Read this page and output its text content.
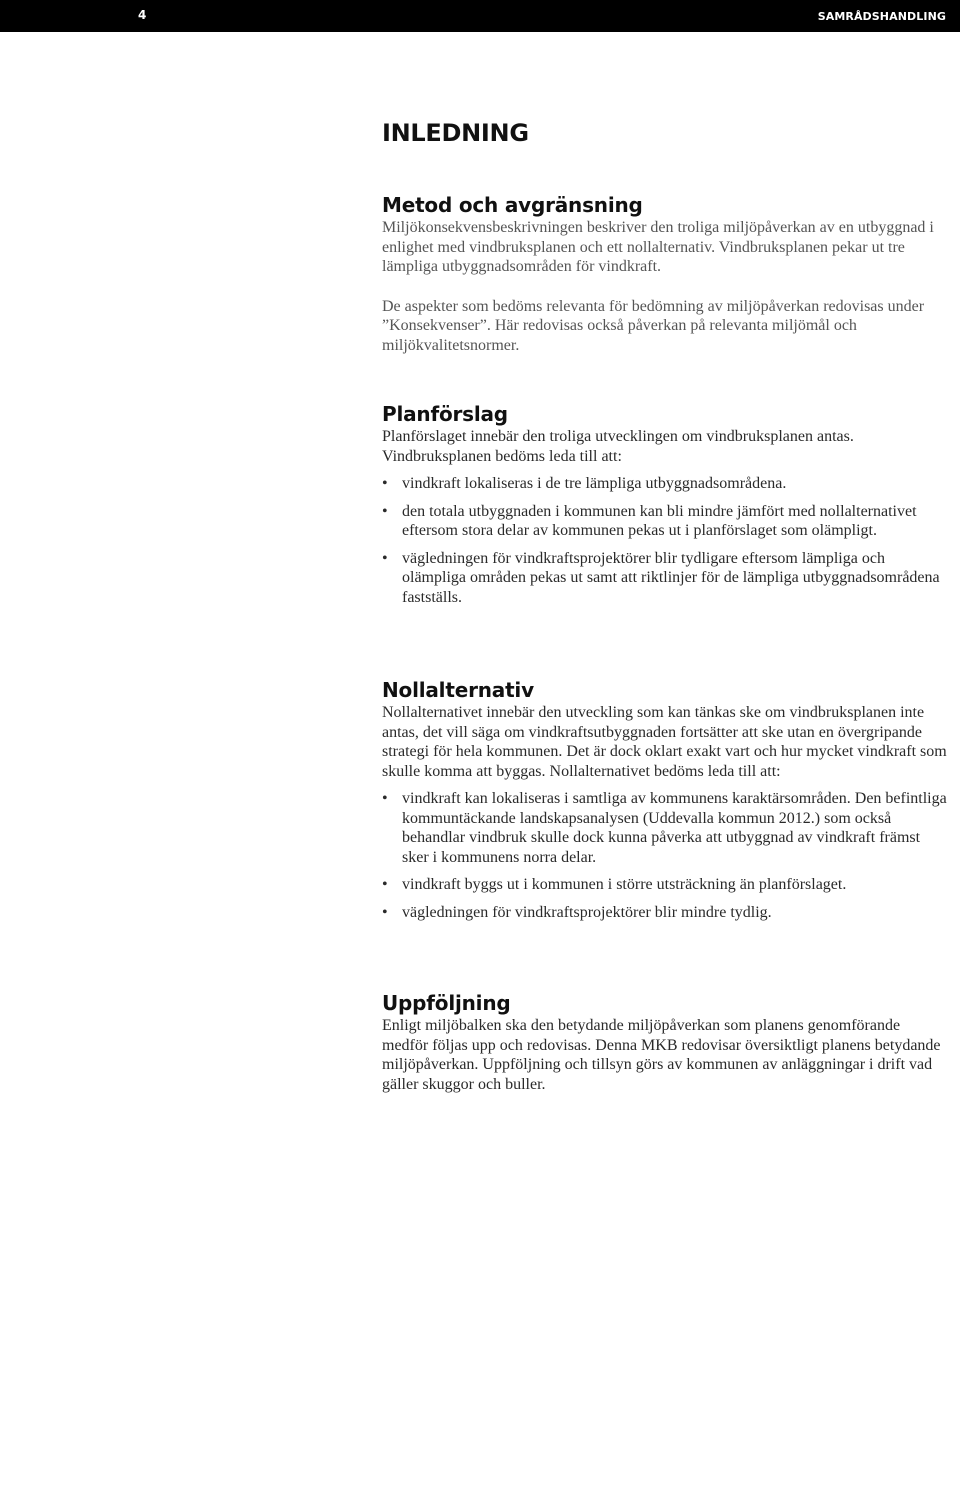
4	SAMRÅDSHANDLING
INLEDNING
Metod och avgränsning

Miljökonsekvensbeskrivningen beskriver den troliga miljöpåverkan av en utbyggnad i enlighet med vindbruksplanen och ett nollalternativ. Vindbruksplanen pekar ut tre lämpliga utbyggnadsområden för vindkraft.

De aspekter som bedöms relevanta för bedömning av miljöpåverkan redovisas under ”Konsekvenser”. Här redovisas också påverkan på relevanta miljömål och miljökvalitetsnormer.

Planförslag

Planförslaget innebär den troliga utvecklingen om vindbruksplanen antas. Vindbruksplanen bedöms leda till att:

• vindkraft lokaliseras i de tre lämpliga utbyggnadsområdena.
• den totala utbyggnaden i kommunen kan bli mindre jämfört med nollalternativet eftersom stora delar av kommunen pekas ut i planförslaget som olämpligt.
• vägledningen för vindkraftsprojektörer blir tydligare eftersom lämpliga och olämpliga områden pekas ut samt att riktlinjer för de lämpliga utbyggnadsområdena fastställs.
Nollalternativ

Nollalternativet innebär den utveckling som kan tänkas ske om vindbruksplanen inte antas, det vill säga om vindkraftsutbyggnaden fortsätter att ske utan en övergripande strategi för hela kommunen. Det är dock oklart exakt vart och hur mycket vindkraft som skulle komma att byggas. Nollalternativet bedöms leda till att:

• vindkraft kan lokaliseras i samtliga av kommunens karaktärsområden. Den befintliga kommuntäckande landskapsanalysen (Uddevalla kommun 2012.) som också behandlar vindbruk skulle dock kunna påverka att utbyggnad av vindkraft främst sker i kommunens norra delar.
• vindkraft byggs ut i kommunen i större utsträckning än planförslaget.
• vägledningen för vindkraftsprojektörer blir mindre tydlig.
Uppföljning

Enligt miljöbalken ska den betydande miljöpåverkan som planens genomförande medför följas upp och redovisas. Denna MKB redovisar översiktligt planens betydande miljöpåverkan. Uppföljning och tillsyn görs av kommunen av anläggningar i drift vad gäller skuggor och buller.
